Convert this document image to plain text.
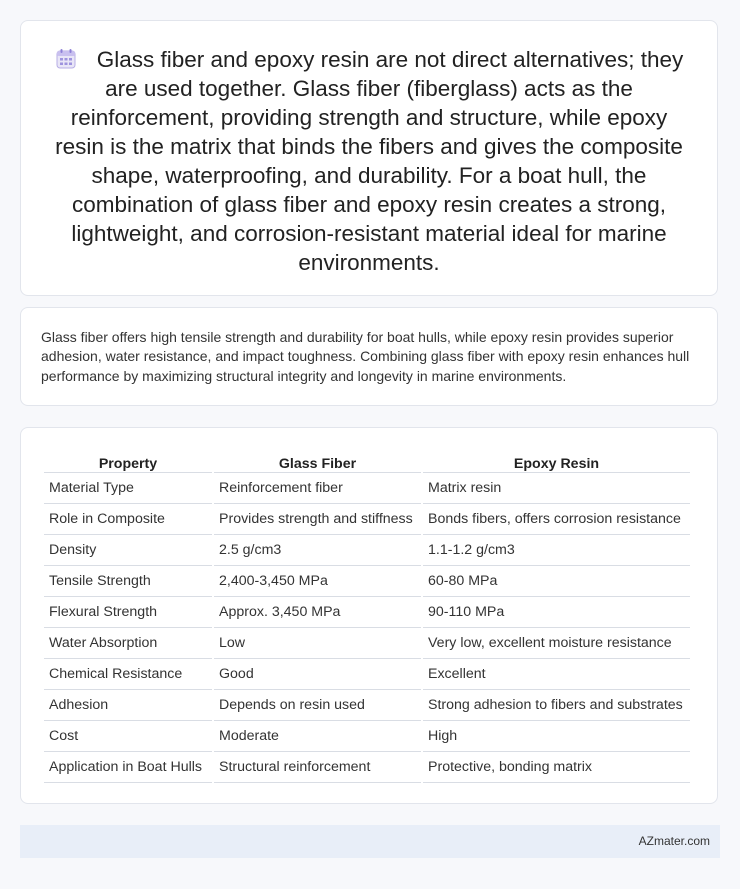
Glass fiber and epoxy resin are not direct alternatives; they are used together. Glass fiber (fiberglass) acts as the reinforcement, providing strength and structure, while epoxy resin is the matrix that binds the fibers and gives the composite shape, waterproofing, and durability. For a boat hull, the combination of glass fiber and epoxy resin creates a strong, lightweight, and corrosion-resistant material ideal for marine environments.

Glass fiber offers high tensile strength and durability for boat hulls, while epoxy resin provides superior adhesion, water resistance, and impact toughness. Combining glass fiber with epoxy resin enhances hull performance by maximizing structural integrity and longevity in marine environments.

Property	Glass Fiber	Epoxy Resin
Material Type	Reinforcement fiber	Matrix resin
Role in Composite	Provides strength and stiffness	Bonds fibers, offers corrosion resistance
Density	2.5 g/cm3	1.1-1.2 g/cm3
Tensile Strength	2,400-3,450 MPa	60-80 MPa
Flexural Strength	Approx. 3,450 MPa	90-110 MPa
Water Absorption	Low	Very low, excellent moisture resistance
Chemical Resistance	Good	Excellent
Adhesion	Depends on resin used	Strong adhesion to fibers and substrates
Cost	Moderate	High
Application in Boat Hulls	Structural reinforcement	Protective, bonding matrix
AZmater.com
